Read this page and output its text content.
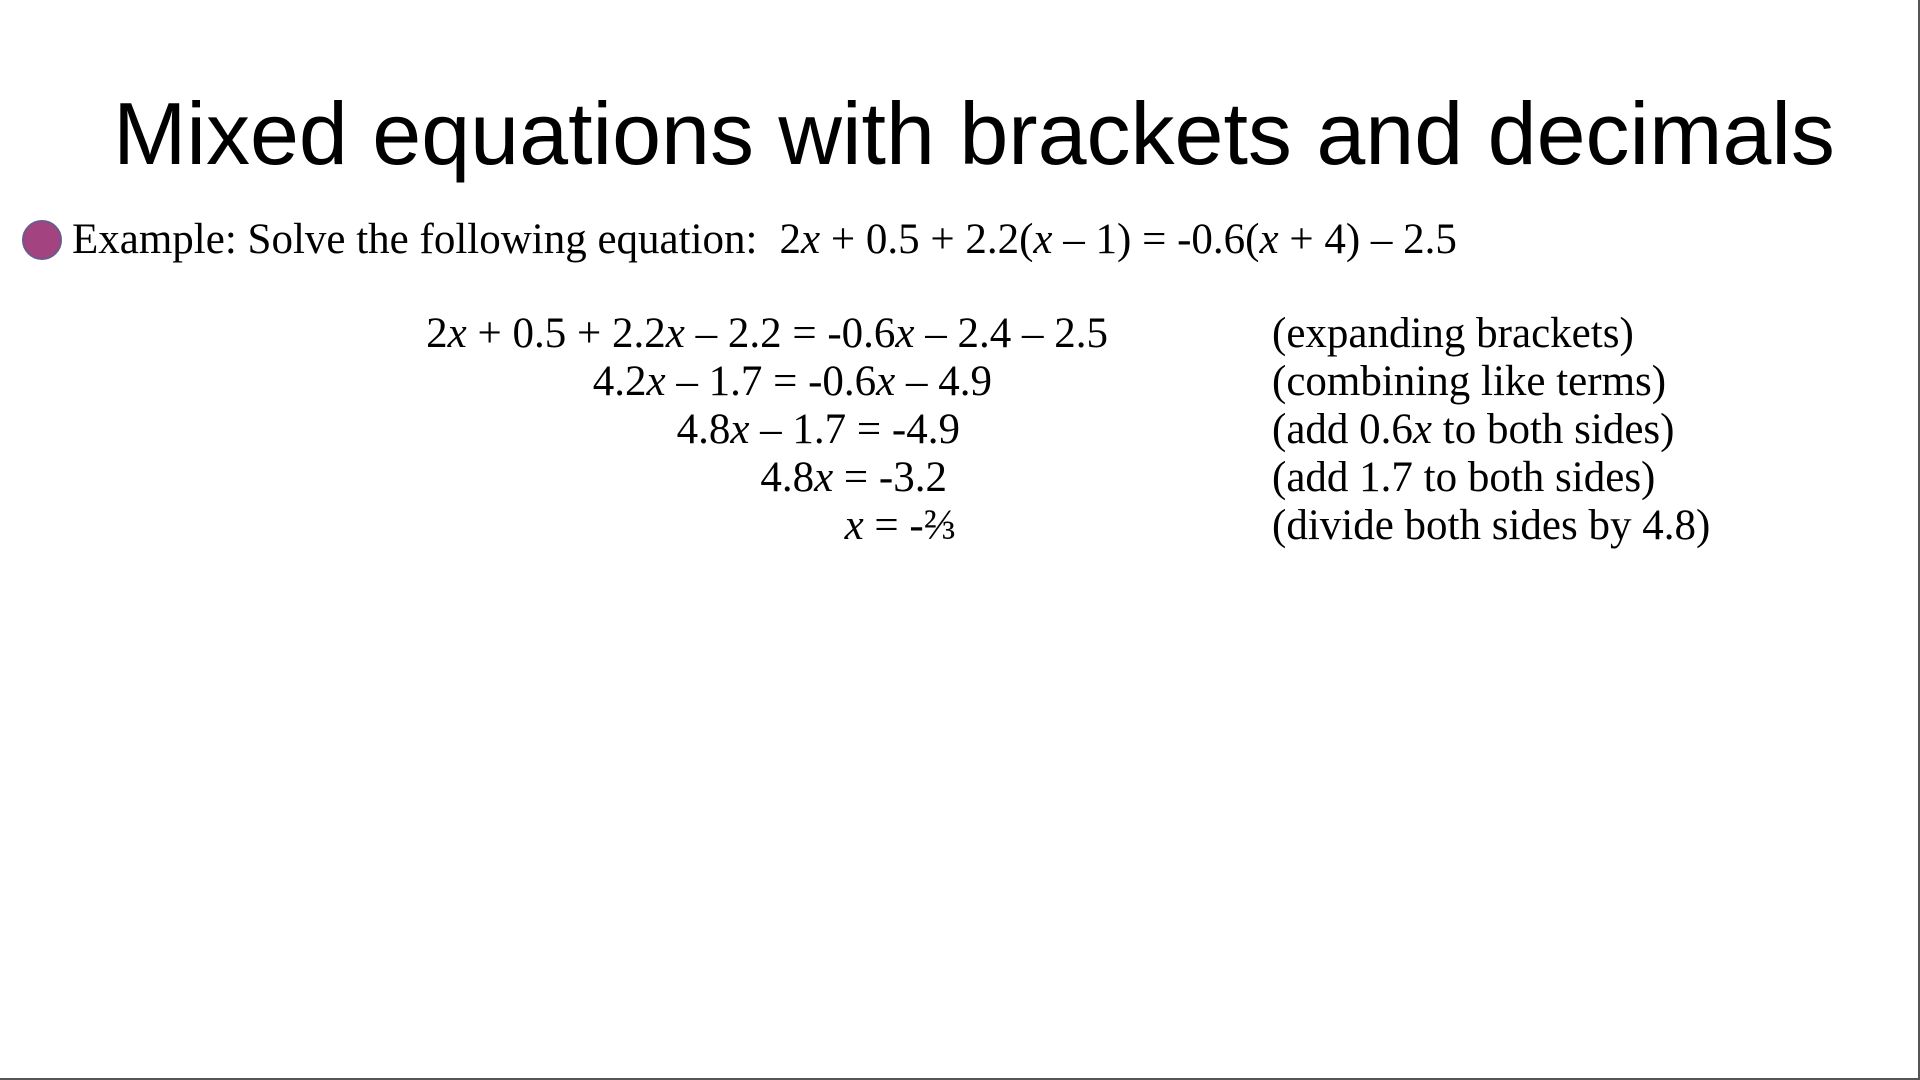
Mixed equations with brackets and decimals
Example: Solve the following equation: 2x + 0.5 + 2.2(x – 1) = -0.6(x + 4) – 2.5
2x + 0.5 + 2.2x – 2.2 = -0.6x – 2.4 – 2.5
4.2x – 1.7 = -0.6x – 4.9
4.8x – 1.7 = -4.9
4.8x = -3.2
x = -⅔
(expanding brackets)
(combining like terms)
(add 0.6x to both sides)
(add 1.7 to both sides)
(divide both sides by 4.8)
